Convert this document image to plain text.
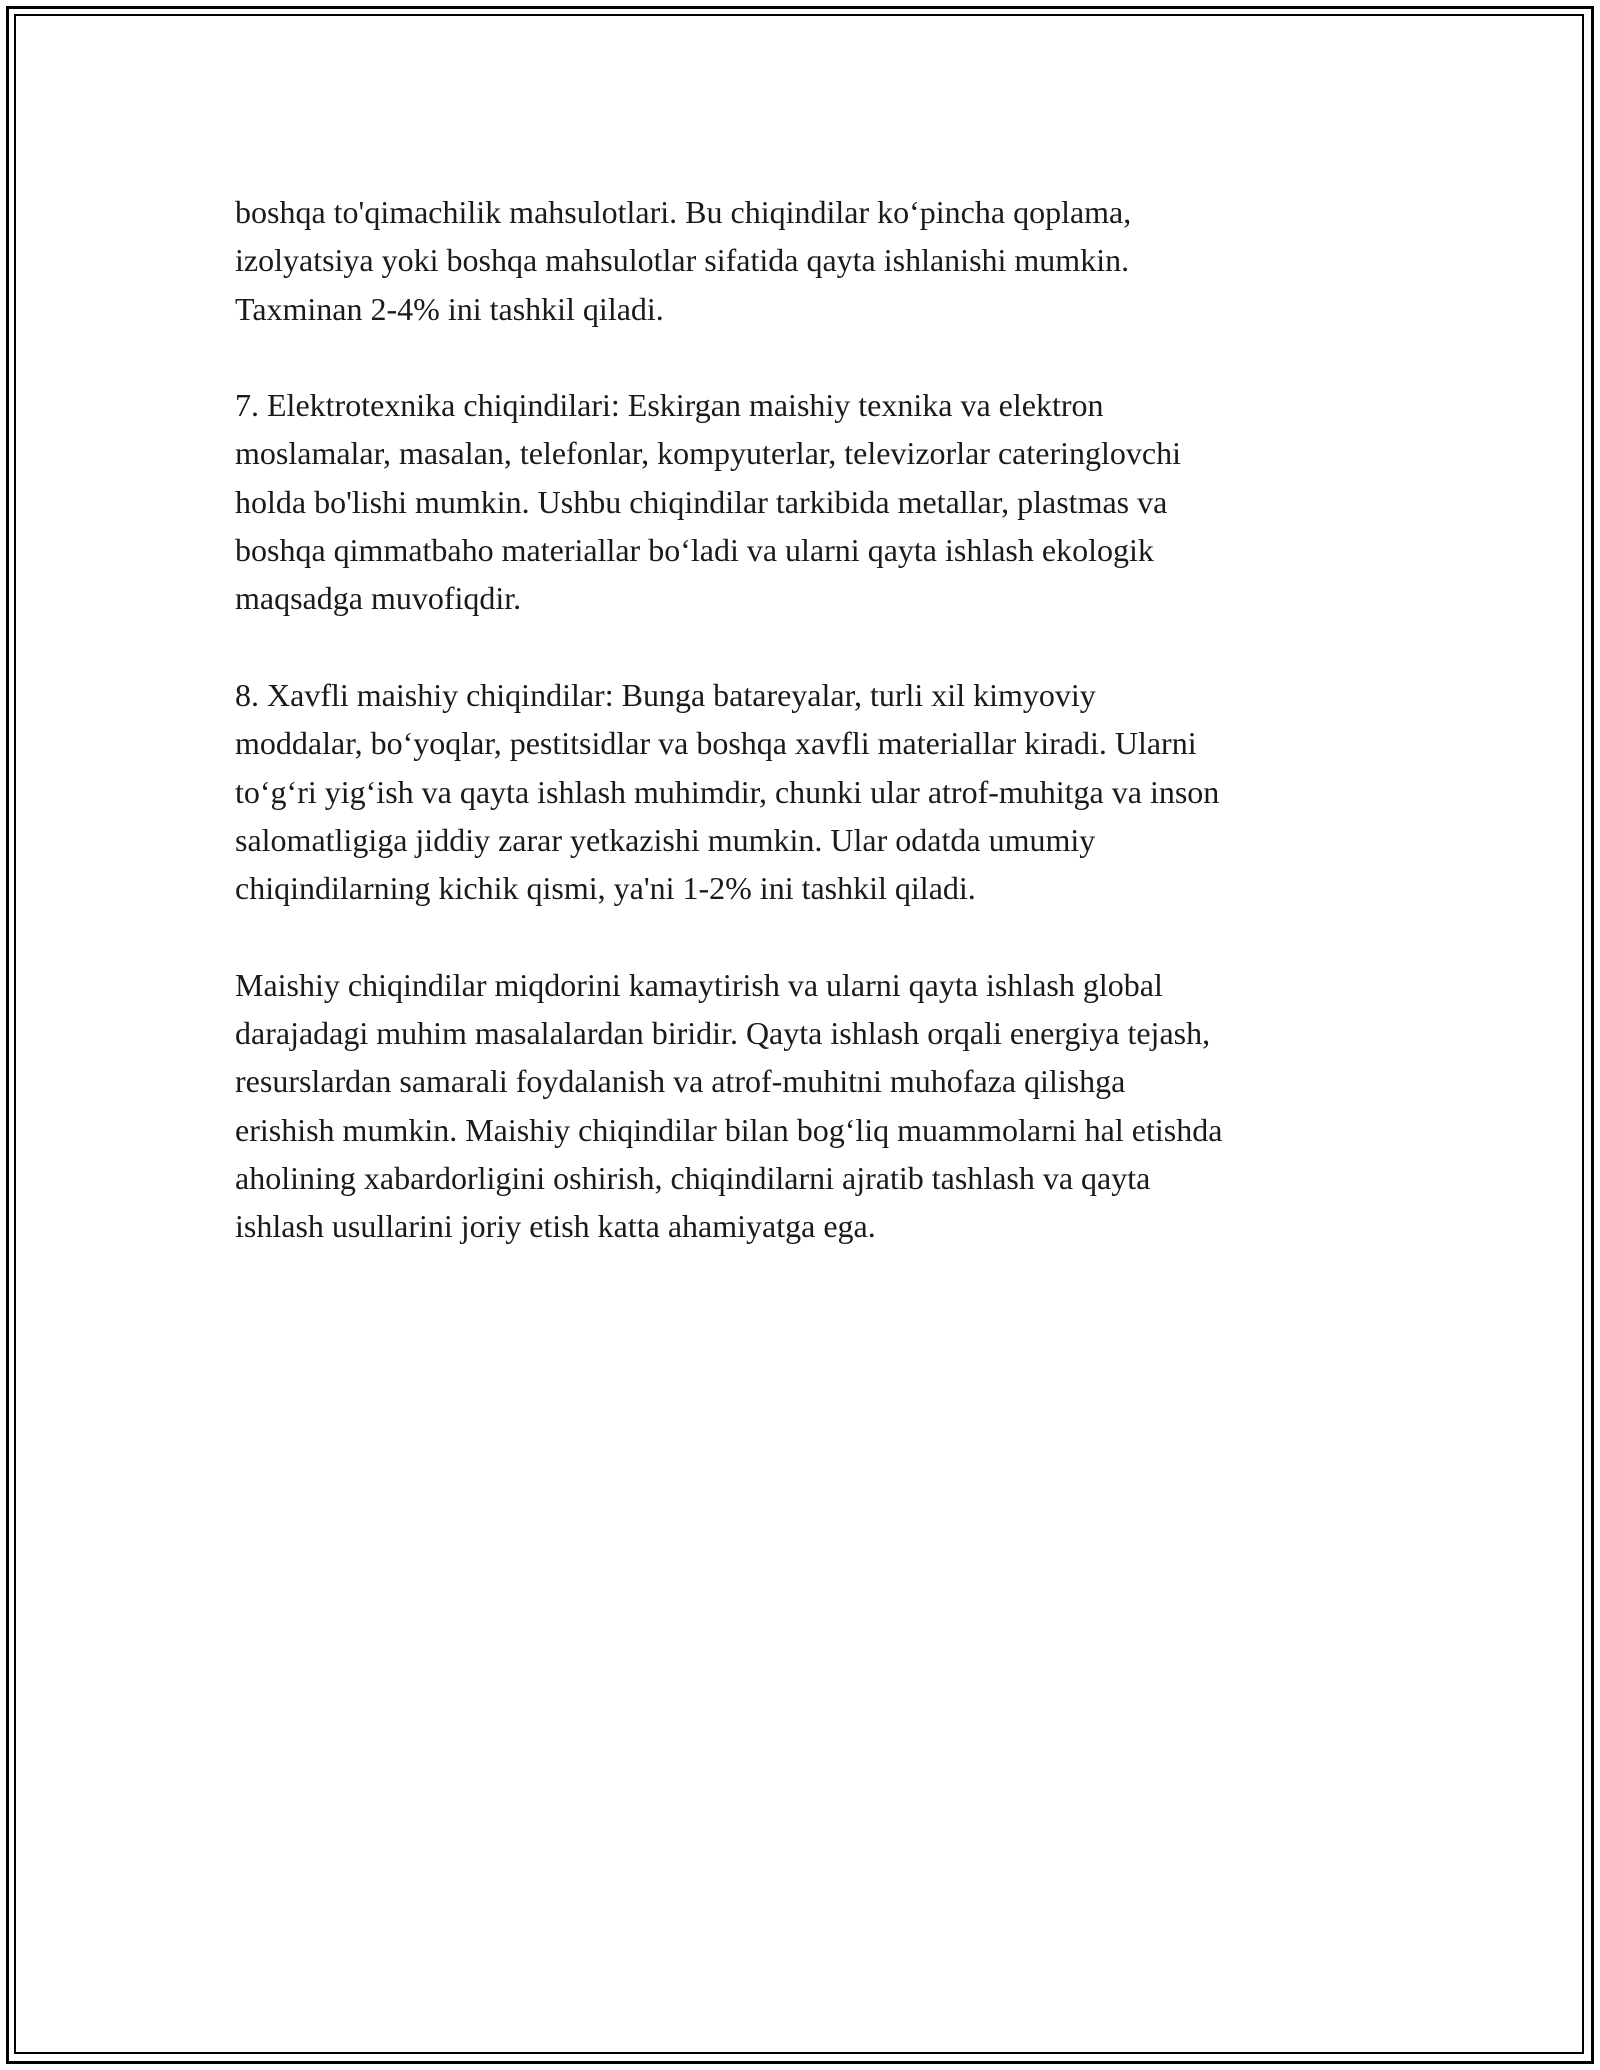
boshqa to'qimachilik mahsulotlari. Bu chiqindilar ko‘pincha qoplama,
izolyatsiya yoki boshqa mahsulotlar sifatida qayta ishlanishi mumkin.
Taxminan 2-4% ini tashkil qiladi.

7. Elektrotexnika chiqindilari: Eskirgan maishiy texnika va elektron
moslamalar, masalan, telefonlar, kompyuterlar, televizorlar cateringlovchi
holda bo'lishi mumkin. Ushbu chiqindilar tarkibida metallar, plastmas va
boshqa qimmatbaho materiallar bo‘ladi va ularni qayta ishlash ekologik
maqsadga muvofiqdir.

8. Xavfli maishiy chiqindilar: Bunga batareyalar, turli xil kimyoviy
moddalar, bo‘yoqlar, pestitsidlar va boshqa xavfli materiallar kiradi. Ularni
to‘g‘ri yig‘ish va qayta ishlash muhimdir, chunki ular atrof-muhitga va inson
salomatligiga jiddiy zarar yetkazishi mumkin. Ular odatda umumiy
chiqindilarning kichik qismi, ya'ni 1-2% ini tashkil qiladi.

Maishiy chiqindilar miqdorini kamaytirish va ularni qayta ishlash global
darajadagi muhim masalalardan biridir. Qayta ishlash orqali energiya tejash,
resurslardan samarali foydalanish va atrof-muhitni muhofaza qilishga
erishish mumkin. Maishiy chiqindilar bilan bog‘liq muammolarni hal etishda
aholining xabardorligini oshirish, chiqindilarni ajratib tashlash va qayta
ishlash usullarini joriy etish katta ahamiyatga ega.
